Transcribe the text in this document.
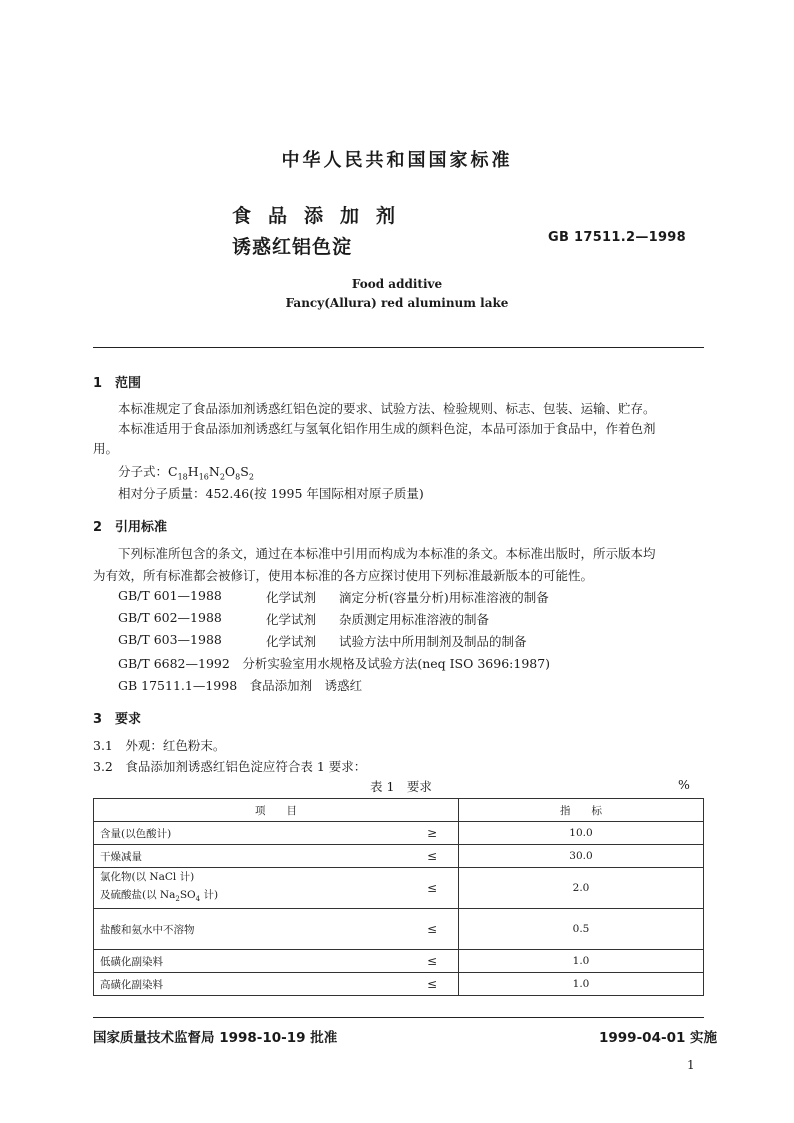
中华人民共和国国家标准
食品添加剂
诱惑红铝色淀	GB 17511.2—1998
Food additive
Fancy(Allura) red aluminum lake
1　范围
本标准规定了食品添加剂诱惑红铝色淀的要求、试验方法、检验规则、标志、包装、运输、贮存。
本标准适用于食品添加剂诱惑红与氢氧化铝作用生成的颜料色淀，本品可添加于食品中，作着色剂
用。
分子式：$C_{18}H_{16}N_2O_8S_2$
相对分子质量：452.46(按 1995 年国际相对原子质量)
2　引用标准
下列标准所包含的条文，通过在本标准中引用而构成为本标准的条文。本标准出版时，所示版本均
为有效，所有标准都会被修订，使用本标准的各方应探讨使用下列标准最新版本的可能性。
GB/T 601—1988	化学试剂 滴定分析(容量分析)用标准溶液的制备
GB/T 602—1988	化学试剂 杂质测定用标准溶液的制备
GB/T 603—1988	化学试剂 试验方法中所用制剂及制品的制备
GB/T 6682—1992　分析实验室用水规格及试验方法(neq ISO 3696:1987)
GB 17511.1—1998　食品添加剂　诱惑红
3　要求
3.1　外观：红色粉末。
3.2　食品添加剂诱惑红铝色淀应符合表 1 要求：
表 1　要求	%
项　　目		指　　标
含量(以色酸计)	≥	10.0
干燥减量	≤	30.0

氯化物(以 NaCl 计)
及硫酸盐(以 $Na_2SO_4$ 计)	≤	2.0
盐酸和氨水中不溶物	≤	0.5
低磺化副染料	≤	1.0
高磺化副染料	≤	1.0
国家质量技术监督局 1998-10-19 批准	1999-04-01 实施
1
